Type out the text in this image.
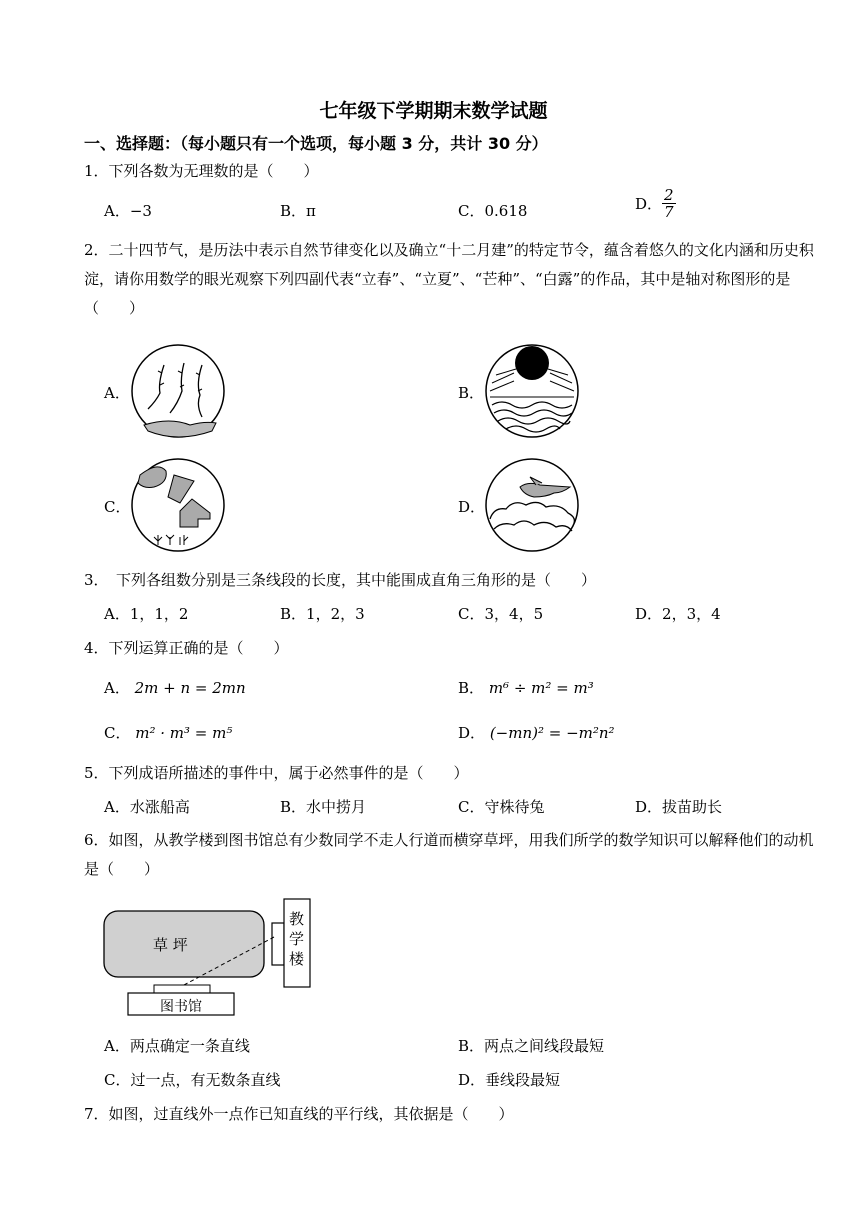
七年级下学期期末数学试题
一、选择题：（每小题只有一个选项，每小题 3 分，共计 30 分）
1．下列各数为无理数的是（　　）
A．−3	B．π	C．0.618	D． $\frac{2}{7}$
2．二十四节气，是历法中表示自然节律变化以及确立“十二月建”的特定节令，蕴含着悠久的文化内涵和历史积淀，请你用数学的眼光观察下列四副代表“立春”、“立夏”、“芒种”、“白露”的作品，其中是轴对称图形的是（　　）
A．	B．
C．	D．
3．　下列各组数分别是三条线段的长度，其中能围成直角三角形的是（　　）
A．1，1，2	B．1，2，3	C．3，4，5	D．2，3，4
4．下列运算正确的是（　　）
A． 2m + n = 2mn	B． m⁶ ÷ m² = m³
C． m² · m³ = m⁵	D． (−mn)² = −m²n²
5．下列成语所描述的事件中，属于必然事件的是（　　）
A．水涨船高	B．水中捞月	C．守株待兔	D．拔苗助长
6．如图，从教学楼到图书馆总有少数同学不走人行道而横穿草坪，用我们所学的数学知识可以解释他们的动机是（　　）
草 坪
图书馆
教
学
楼
A．两点确定一条直线	B．两点之间线段最短
C．过一点，有无数条直线	D．垂线段最短
7．如图，过直线外一点作已知直线的平行线，其依据是（　　）
